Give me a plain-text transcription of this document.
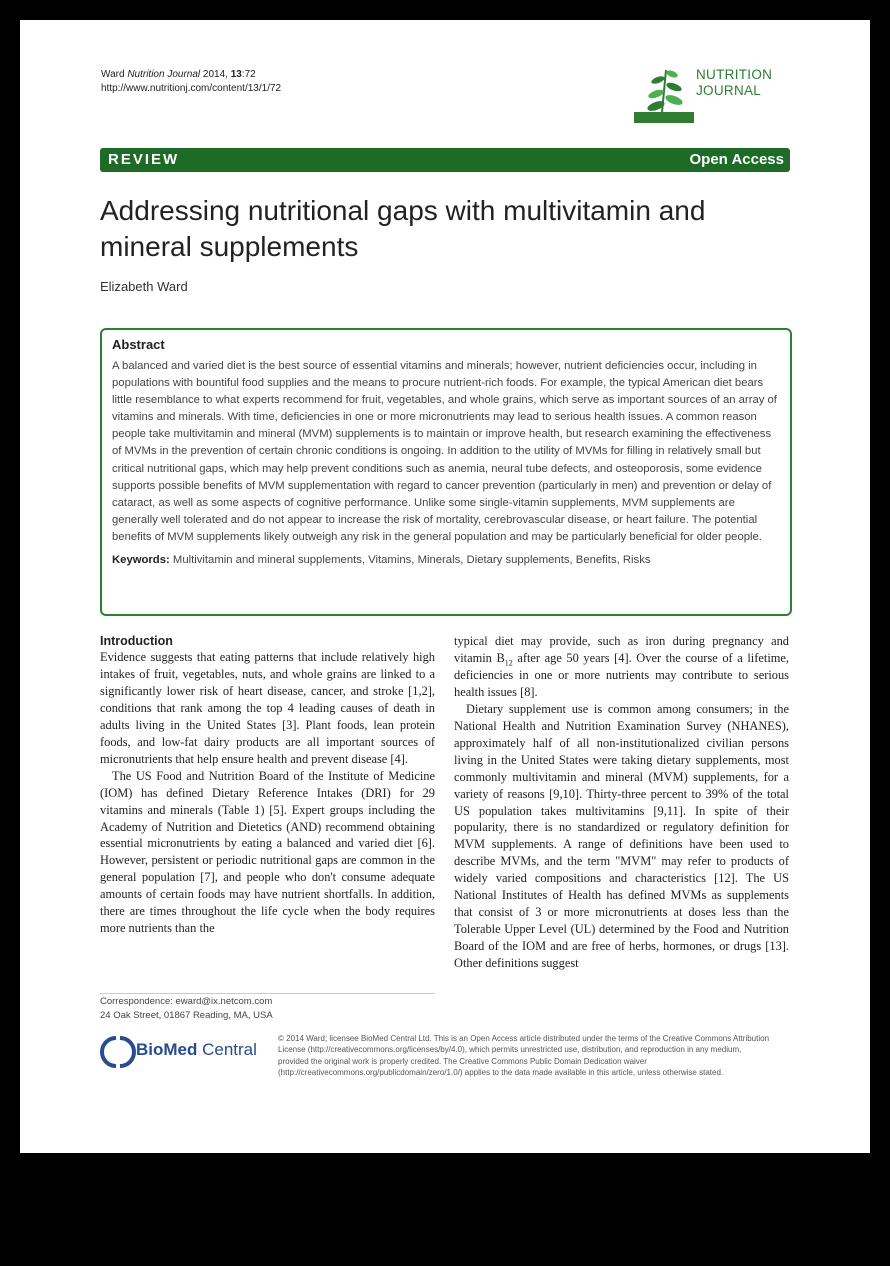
Ward Nutrition Journal 2014, 13:72
http://www.nutritionj.com/content/13/1/72
NUTRITION
JOURNAL
REVIEW	Open Access
Addressing nutritional gaps with multivitamin and mineral supplements
Elizabeth Ward
Abstract
A balanced and varied diet is the best source of essential vitamins and minerals; however, nutrient deficiencies occur, including in populations with bountiful food supplies and the means to procure nutrient-rich foods. For example, the typical American diet bears little resemblance to what experts recommend for fruit, vegetables, and whole grains, which serve as important sources of an array of vitamins and minerals. With time, deficiencies in one or more micronutrients may lead to serious health issues. A common reason people take multivitamin and mineral (MVM) supplements is to maintain or improve health, but research examining the effectiveness of MVMs in the prevention of certain chronic conditions is ongoing. In addition to the utility of MVMs for filling in relatively small but critical nutritional gaps, which may help prevent conditions such as anemia, neural tube defects, and osteoporosis, some evidence supports possible benefits of MVM supplementation with regard to cancer prevention (particularly in men) and prevention or delay of cataract, as well as some aspects of cognitive performance. Unlike some single-vitamin supplements, MVM supplements are generally well tolerated and do not appear to increase the risk of mortality, cerebrovascular disease, or heart failure. The potential benefits of MVM supplements likely outweigh any risk in the general population and may be particularly beneficial for older people.
Keywords: Multivitamin and mineral supplements, Vitamins, Minerals, Dietary supplements, Benefits, Risks

Introduction

Evidence suggests that eating patterns that include relatively high intakes of fruit, vegetables, nuts, and whole grains are linked to a significantly lower risk of heart disease, cancer, and stroke [1,2], conditions that rank among the top 4 leading causes of death in adults living in the United States [3]. Plant foods, lean protein foods, and low-fat dairy products are all important sources of micronutrients that help ensure health and prevent disease [4].

The US Food and Nutrition Board of the Institute of Medicine (IOM) has defined Dietary Reference Intakes (DRI) for 29 vitamins and minerals (Table 1) [5]. Expert groups including the Academy of Nutrition and Dietetics (AND) recommend obtaining essential micronutrients by eating a balanced and varied diet [6]. However, persistent or periodic nutritional gaps are common in the general population [7], and people who don't consume adequate amounts of certain foods may have nutrient shortfalls. In addition, there are times throughout the life cycle when the body requires more nutrients than the

typical diet may provide, such as iron during pregnancy and vitamin $B_{12}$ after age 50 years [4]. Over the course of a lifetime, deficiencies in one or more nutrients may contribute to serious health issues [8].

Dietary supplement use is common among consumers; in the National Health and Nutrition Examination Survey (NHANES), approximately half of all non-institutionalized civilian persons living in the United States were taking dietary supplements, most commonly multivitamin and mineral (MVM) supplements, for a variety of reasons [9,10]. Thirty-three percent to 39% of the total US population takes multivitamins [9,11]. In spite of their popularity, there is no standardized or regulatory definition for MVM supplements. A range of definitions have been used to describe MVMs, and the term "MVM" may refer to products of widely varied compositions and characteristics [12]. The US National Institutes of Health has defined MVMs as supplements that consist of 3 or more micronutrients at doses less than the Tolerable Upper Level (UL) determined by the Food and Nutrition Board of the IOM and are free of herbs, hormones, or drugs [13]. Other definitions suggest

Correspondence: eward@ix.netcom.com
24 Oak Street, 01867 Reading, MA, USA
BioMed Central
© 2014 Ward; licensee BioMed Central Ltd. This is an Open Access article distributed under the terms of the Creative Commons Attribution License (http://creativecommons.org/licenses/by/4.0), which permits unrestricted use, distribution, and reproduction in any medium, provided the original work is properly credited. The Creative Commons Public Domain Dedication waiver (http://creativecommons.org/publicdomain/zero/1.0/) applies to the data made available in this article, unless otherwise stated.
